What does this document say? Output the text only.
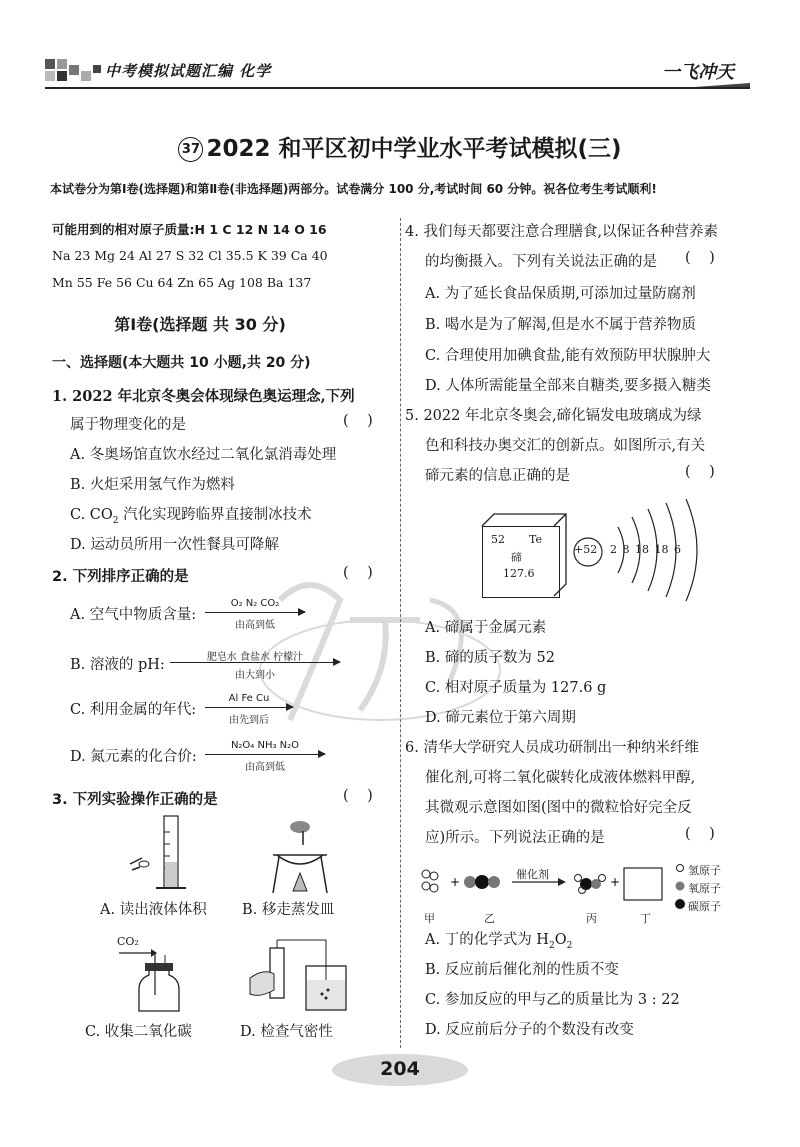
中考模拟试题汇编 化学	一飞冲天
37 2022 和平区初中学业水平考试模拟(三)
本试卷分为第Ⅰ卷(选择题)和第Ⅱ卷(非选择题)两部分。试卷满分 100 分,考试时间 60 分钟。祝各位考生考试顺利!
可能用到的相对原子质量:H 1 C 12 N 14 O 16
Na 23 Mg 24 Al 27 S 32 Cl 35.5 K 39 Ca 40
Mn 55 Fe 56 Cu 64 Zn 65 Ag 108 Ba 137
第Ⅰ卷(选择题 共 30 分)
一、选择题(本大题共 10 小题,共 20 分)
1. 2022 年北京冬奥会体现绿色奥运理念,下列
属于物理变化的是	(    )
A. 冬奥场馆直饮水经过二氧化氯消毒处理
B. 火炬采用氢气作为燃料
C. $CO_2$ 汽化实现跨临界直接制冰技术
D. 运动员所用一次性餐具可降解
2. 下列排序正确的是	(    )
A. 空气中物质含量:
O₂ N₂ CO₂
由高到低
B. 溶液的 pH:	肥皂水 食盐水 柠檬汁
由大到小
C. 利用金属的年代:
Al Fe Cu
由先到后
D. 氮元素的化合价:
N₂O₄ NH₃ N₂O
由高到低
3. 下列实验操作正确的是	(    )
A. 读出液体体积 B. 移走蒸发皿
CO₂
C. 收集二氧化碳	D. 检查气密性
4. 我们每天都要注意合理膳食,以保证各种营养素
的均衡摄入。下列有关说法正确的是 (    )
A. 为了延长食品保质期,可添加过量防腐剂
B. 喝水是为了解渴,但是水不属于营养物质
C. 合理使用加碘食盐,能有效预防甲状腺肿大
D. 人体所需能量全部来自糖类,要多摄入糖类
5. 2022 年北京冬奥会,碲化镉发电玻璃成为绿
色和科技办奥交汇的创新点。如图所示,有关
碲元素的信息正确的是	(    )
52 Te
碲
127.6
+52 2 8 18 18 6
A. 碲属于金属元素
B. 碲的质子数为 52
C. 相对原子质量为 127.6 g
D. 碲元素位于第六周期
6. 清华大学研究人员成功研制出一种纳米纤维
催化剂,可将二氧化碳转化成液体燃料甲醇,
其微观示意图如图(图中的微粒恰好完全反
应)所示。下列说法正确的是	(    )
+	+
催化剂
甲	乙	丙	丁
氢原子
氧原子
碳原子
A. 丁的化学式为 $H_2O_2$
B. 反应前后催化剂的性质不变
C. 参加反应的甲与乙的质量比为 3 : 22
D. 反应前后分子的个数没有改变
204
